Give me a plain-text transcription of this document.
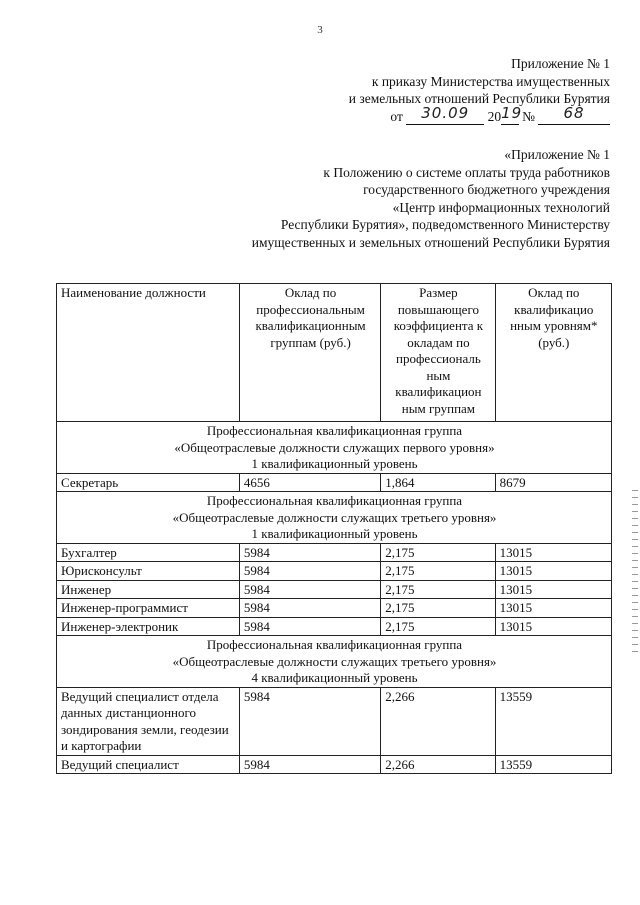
3
Приложение № 1
к приказу Министерства имущественных
и земельных отношений Республики Бурятия
от 30.09 2019№ 68
«Приложение № 1
к Положению о системе оплаты труда работников
государственного бюджетного учреждения
«Центр информационных технологий
Республики Бурятия», подведомственного Министерству
имущественных и земельных отношений Республики Бурятия
Наименование должности	Оклад по профессиональным квалификационным группам (руб.)	Размер повышающего коэффициента к окладам по профессиональ ным квалификацион ным группам	Оклад по квалификацио нным уровням* (руб.)

Профессиональная квалификационная группа
«Общеотраслевые должности служащих первого уровня»
1 квалификационный уровень			

Секретарь	4656	1,864	8679

Профессиональная квалификационная группа
«Общеотраслевые должности служащих третьего уровня»
1 квалификационный уровень			

Бухгалтер	5984	2,175	13015
Юрисконсульт	5984	2,175	13015
Инженер	5984	2,175	13015
Инженер-программист	5984	2,175	13015
Инженер-электроник	5984	2,175	13015

Профессиональная квалификационная группа
«Общеотраслевые должности служащих третьего уровня»
4 квалификационный уровень			

Ведущий специалист отдела данных дистанционного зондирования земли, геодезии и картографии	5984	2,266	13559
Ведущий специалист	5984	2,266	13559
